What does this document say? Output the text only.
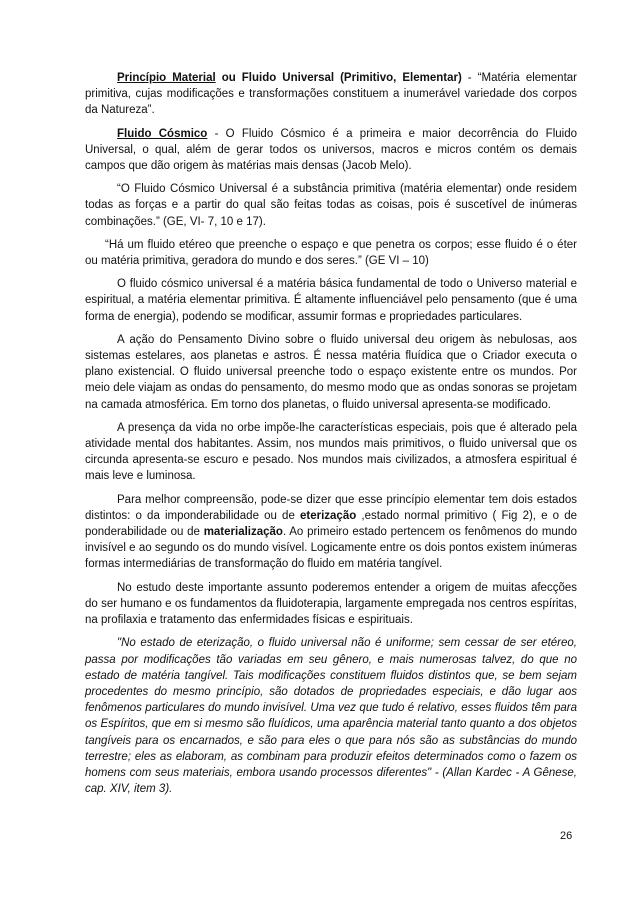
Princípio Material ou Fluido Universal (Primitivo, Elementar) - “Matéria elementar primitiva, cujas modificações e transformações constituem a inumerável variedade dos corpos da Natureza”.

Fluido Cósmico - O Fluido Cósmico é a primeira e maior decorrência do Fluido Universal, o qual, além de gerar todos os universos, macros e micros contém os demais campos que dão origem às matérias mais densas (Jacob Melo).

“O Fluido Cósmico Universal é a substância primitiva (matéria elementar) onde residem todas as forças e a partir do qual são feitas todas as coisas, pois é suscetível de inúmeras combinações.” (GE, VI- 7, 10 e 17).

“Há um fluido etéreo que preenche o espaço e que penetra os corpos; esse fluido é o éter ou matéria primitiva, geradora do mundo e dos seres.” (GE VI – 10)

O fluido cósmico universal é a matéria básica fundamental de todo o Universo material e espiritual, a matéria elementar primitiva. É altamente influenciável pelo pensamento (que é uma forma de energia), podendo se modificar, assumir formas e propriedades particulares.

A ação do Pensamento Divino sobre o fluido universal deu origem às nebulosas, aos sistemas estelares, aos planetas e astros. É nessa matéria fluídica que o Criador executa o plano existencial. O fluido universal preenche todo o espaço existente entre os mundos. Por meio dele viajam as ondas do pensamento, do mesmo modo que as ondas sonoras se projetam na camada atmosférica. Em torno dos planetas, o fluido universal apresenta-se modificado.

A presença da vida no orbe impõe-lhe características especiais, pois que é alterado pela atividade mental dos habitantes. Assim, nos mundos mais primitivos, o fluido universal que os circunda apresenta-se escuro e pesado. Nos mundos mais civilizados, a atmosfera espiritual é mais leve e luminosa.

Para melhor compreensão, pode-se dizer que esse princípio elementar tem dois estados distintos: o da imponderabilidade ou de eterização ,estado normal primitivo ( Fig 2), e o de ponderabilidade ou de materialização. Ao primeiro estado pertencem os fenômenos do mundo invisível e ao segundo os do mundo visível. Logicamente entre os dois pontos existem inúmeras formas intermediárias de transformação do fluido em matéria tangível.

No estudo deste importante assunto poderemos entender a origem de muitas afecções do ser humano e os fundamentos da fluidoterapia, largamente empregada nos centros espíritas, na profilaxia e tratamento das enfermidades físicas e espirituais.

"No estado de eterização, o fluido universal não é uniforme; sem cessar de ser etéreo, passa por modificações tão variadas em seu gênero, e mais numerosas talvez, do que no estado de matéria tangível. Tais modificações constituem fluidos distintos que, se bem sejam procedentes do mesmo princípio, são dotados de propriedades especiais, e dão lugar aos fenômenos particulares do mundo invisível. Uma vez que tudo é relativo, esses fluidos têm para os Espíritos, que em si mesmo são fluídicos, uma aparência material tanto quanto a dos objetos tangíveis para os encarnados, e são para eles o que para nós são as substâncias do mundo terrestre; eles as elaboram, as combinam para produzir efeitos determinados como o fazem os homens com seus materiais, embora usando processos diferentes" - (Allan Kardec - A Gênese, cap. XIV, item 3).

26
